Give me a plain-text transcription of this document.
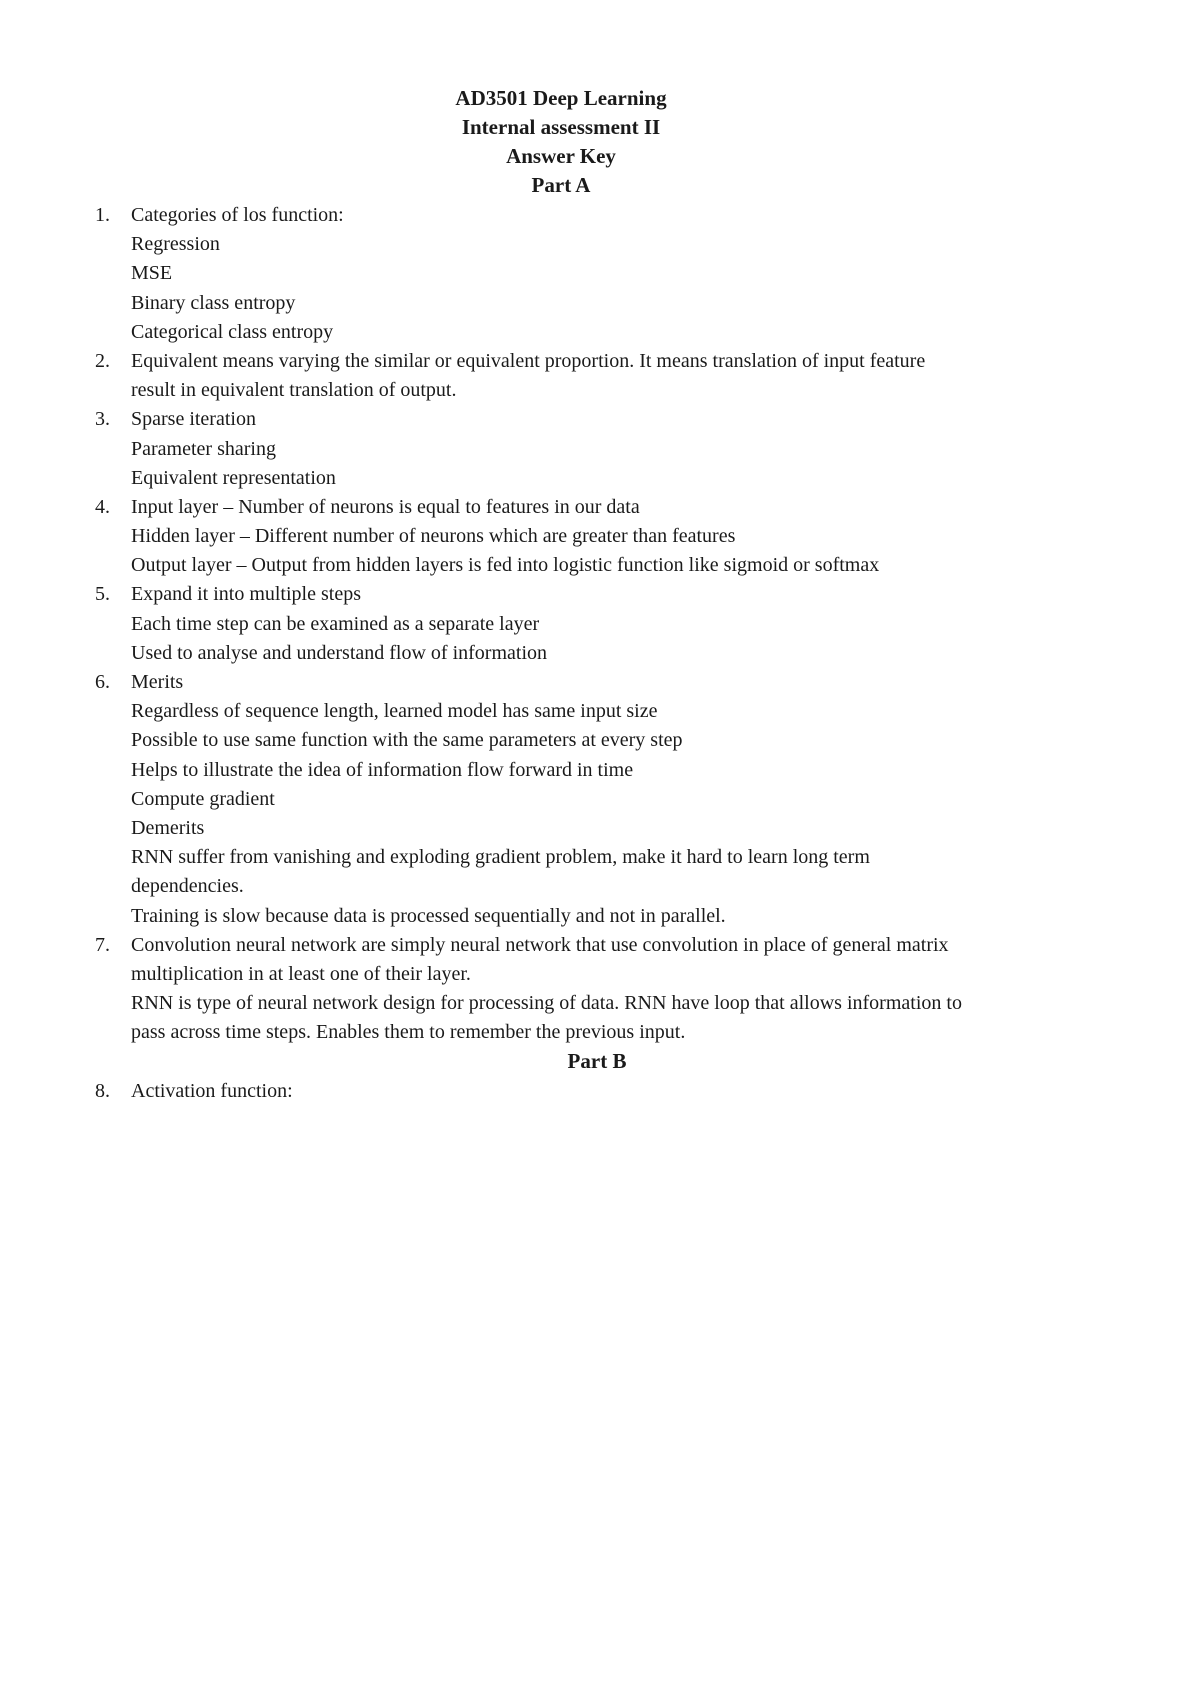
AD3501 Deep Learning
Internal assessment II
Answer Key
Part A
1. Categories of los function:
Regression
MSE
Binary class entropy
Categorical class entropy
2. Equivalent means varying the similar or equivalent proportion. It means translation of input feature
result in equivalent translation of output.
3. Sparse iteration
Parameter sharing
Equivalent representation
4. Input layer – Number of neurons is equal to features in our data
Hidden layer – Different number of neurons which are greater than features
Output layer – Output from hidden layers is fed into logistic function like sigmoid or softmax
5. Expand it into multiple steps
Each time step can be examined as a separate layer
Used to analyse and understand flow of information
6. Merits
Regardless of sequence length, learned model has same input size
Possible to use same function with the same parameters at every step
Helps to illustrate the idea of information flow forward in time
Compute gradient
Demerits
RNN suffer from vanishing and exploding gradient problem, make it hard to learn long term
dependencies.
Training is slow because data is processed sequentially and not in parallel.
7. Convolution neural network are simply neural network that use convolution in place of general matrix
multiplication in at least one of their layer.
RNN is type of neural network design for processing of data. RNN have loop that allows information to
pass across time steps. Enables them to remember the previous input.
Part B
8. Activation function:
